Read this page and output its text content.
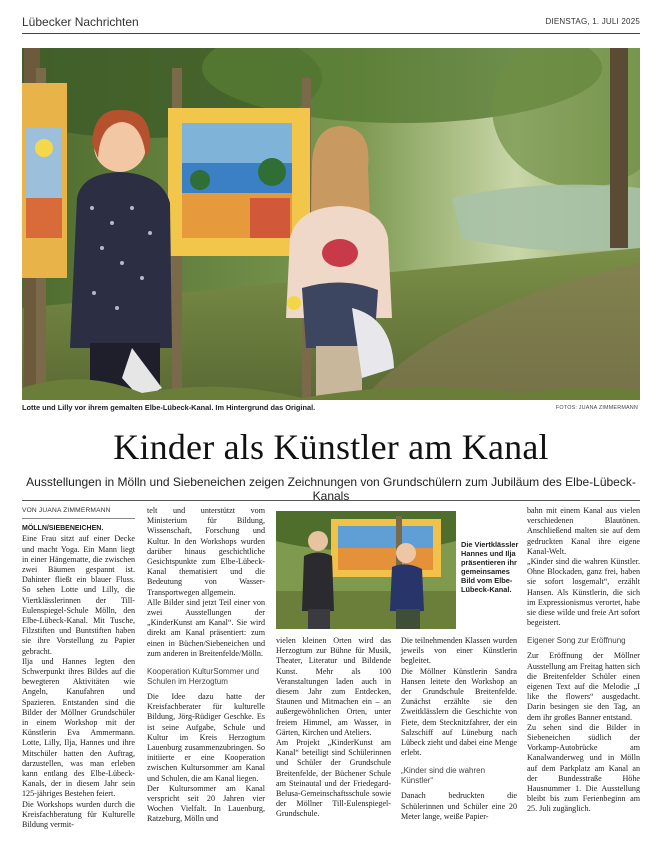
Lübecker Nachrichten	DIENSTAG, 1. JULI 2025
Lotte und Lilly vor ihrem gemalten Elbe-Lübeck-Kanal. Im Hintergrund das Original.	FOTOS: JUANA ZIMMERMANN
Kinder als Künstler am Kanal
Ausstellungen in Mölln und Siebeneichen zeigen Zeichnungen von Grundschülern zum Jubiläum des Elbe-Lübeck-Kanals
VON JUANA ZIMMERMANN
MÖLLN/SIEBENEICHEN.

Eine Frau sitzt auf einer Decke und macht Yoga. Ein Mann liegt in einer Hängematte, die zwischen zwei Bäumen gespannt ist. Dahinter fließt ein blauer Fluss. So sehen Lotte und Lilly, die Viertklässlerinnen der Till-Eulenspiegel-Schule Mölln, den Elbe-Lübeck-Kanal. Mit Tusche, Filzstiften und Buntstiften haben sie ihre Vorstellung zu Papier gebracht.

Ilja und Hannes legten den Schwerpunkt ihres Bildes auf die bewegteren Aktivitäten wie Angeln, Kanufahren und Spazieren. Entstanden sind die Bilder der Möllner Grundschüler in einem Workshop mit der Künstlerin Eva Ammermann. Lotte, Lilly, Ilja, Hannes und ihre Mitschüler hatten den Auftrag, darzustellen, was man erleben kann entlang des Elbe-Lübeck-Kanals, der in diesem Jahr sein 125-jähriges Bestehen feiert.

Die Workshops wurden durch die Kreisfachberatung für Kulturelle Bildung vermit-

telt und unterstützt vom Ministerium für Bildung, Wissenschaft, Forschung und Kultur. In den Workshops wurden darüber hinaus geschichtliche Gesichtspunkte zum Elbe-Lübeck-Kanal thematisiert und die Bedeutung von Wasser-Transportwegen allgemein.

Alle Bilder sind jetzt Teil einer von zwei Ausstellungen der „KinderKunst am Kanal“. Sie wird direkt am Kanal präsentiert: zum einen in Büchen/Siebeneichen und zum anderen in Breitenfelde/Mölln.

Kooperation KulturSommer und Schulen im Herzogtum

Die Idee dazu hatte der Kreisfachberater für kulturelle Bildung, Jörg-Rüdiger Geschke. Es ist seine Aufgabe, Schule und Kultur im Kreis Herzogtum Lauenburg zusammenzubringen. So initiierte er eine Kooperation zwischen Kultursommer am Kanal und Schulen, die am Kanal liegen.

Der Kultursommer am Kanal verspricht seit 20 Jahren vier Wochen Vielfalt. In Lauenburg, Ratzeburg, Mölln und

Die Viertklässler Hannes und Ilja präsentieren ihr gemeinsames Bild vom Elbe-Lübeck-Kanal.

vielen kleinen Orten wird das Herzogtum zur Bühne für Musik, Theater, Literatur und Bildende Kunst. Mehr als 100 Veranstaltungen laden auch in diesem Jahr zum Entdecken, Staunen und Mitmachen ein – an außergewöhnlichen Orten, unter freiem Himmel, am Wasser, in Gärten, Kirchen und Ateliers.

Am Projekt „KinderKunst am Kanal“ beteiligt sind Schülerinnen und Schüler der Grundschule Breitenfelde, der Büchener Schule am Steinautal und der Friedegard-Belusa-Gemeinschaftsschule sowie der Möllner Till-Eulenspiegel-Grundschule.

Die teilnehmenden Klassen wurden jeweils von einer Künstlerin begleitet.

Die Möllner Künstlerin Sandra Hansen leitete den Workshop an der Grundschule Breitenfelde. Zunächst erzählte sie den Zweitklässlern die Geschichte von Fiete, dem Stecknitzfahrer, der ein Salzschiff auf Lüneburg nach Lübeck zieht und dabei eine Menge erlebt.

„Kinder sind die wahren Künstler“

Danach bedruckten die Schülerinnen und Schüler eine 20 Meter lange, weiße Papier-

bahn mit einem Kanal aus vielen verschiedenen Blautönen. Anschließend malten sie auf dem gedruckten Kanal ihre eigene Kanal-Welt.

„Kinder sind die wahren Künstler. Ohne Blockaden, ganz frei, haben sie sofort losgemalt“, erzählt Hansen. Als Künstlerin, die sich im Expressionismus verortet, habe sie diese wilde und freie Art sofort begeistert.

Eigener Song zur Eröffnung

Zur Eröffnung der Möllner Ausstellung am Freitag hatten sich die Breitenfelder Schüler einen eigenen Text auf die Melodie „I like the flowers“ ausgedacht. Darin besingen sie den Tag, an dem ihr großes Banner entstand.

Zu sehen sind die Bilder in Siebeneichen südlich der Vorkamp-Autobrücke am Kanalwanderweg und in Mölln auf dem Parkplatz am Kanal an der Bundesstraße Höhe Hausnummer 1. Die Ausstellung bleibt bis zum Ferienbeginn am 25. Juli zugänglich.
